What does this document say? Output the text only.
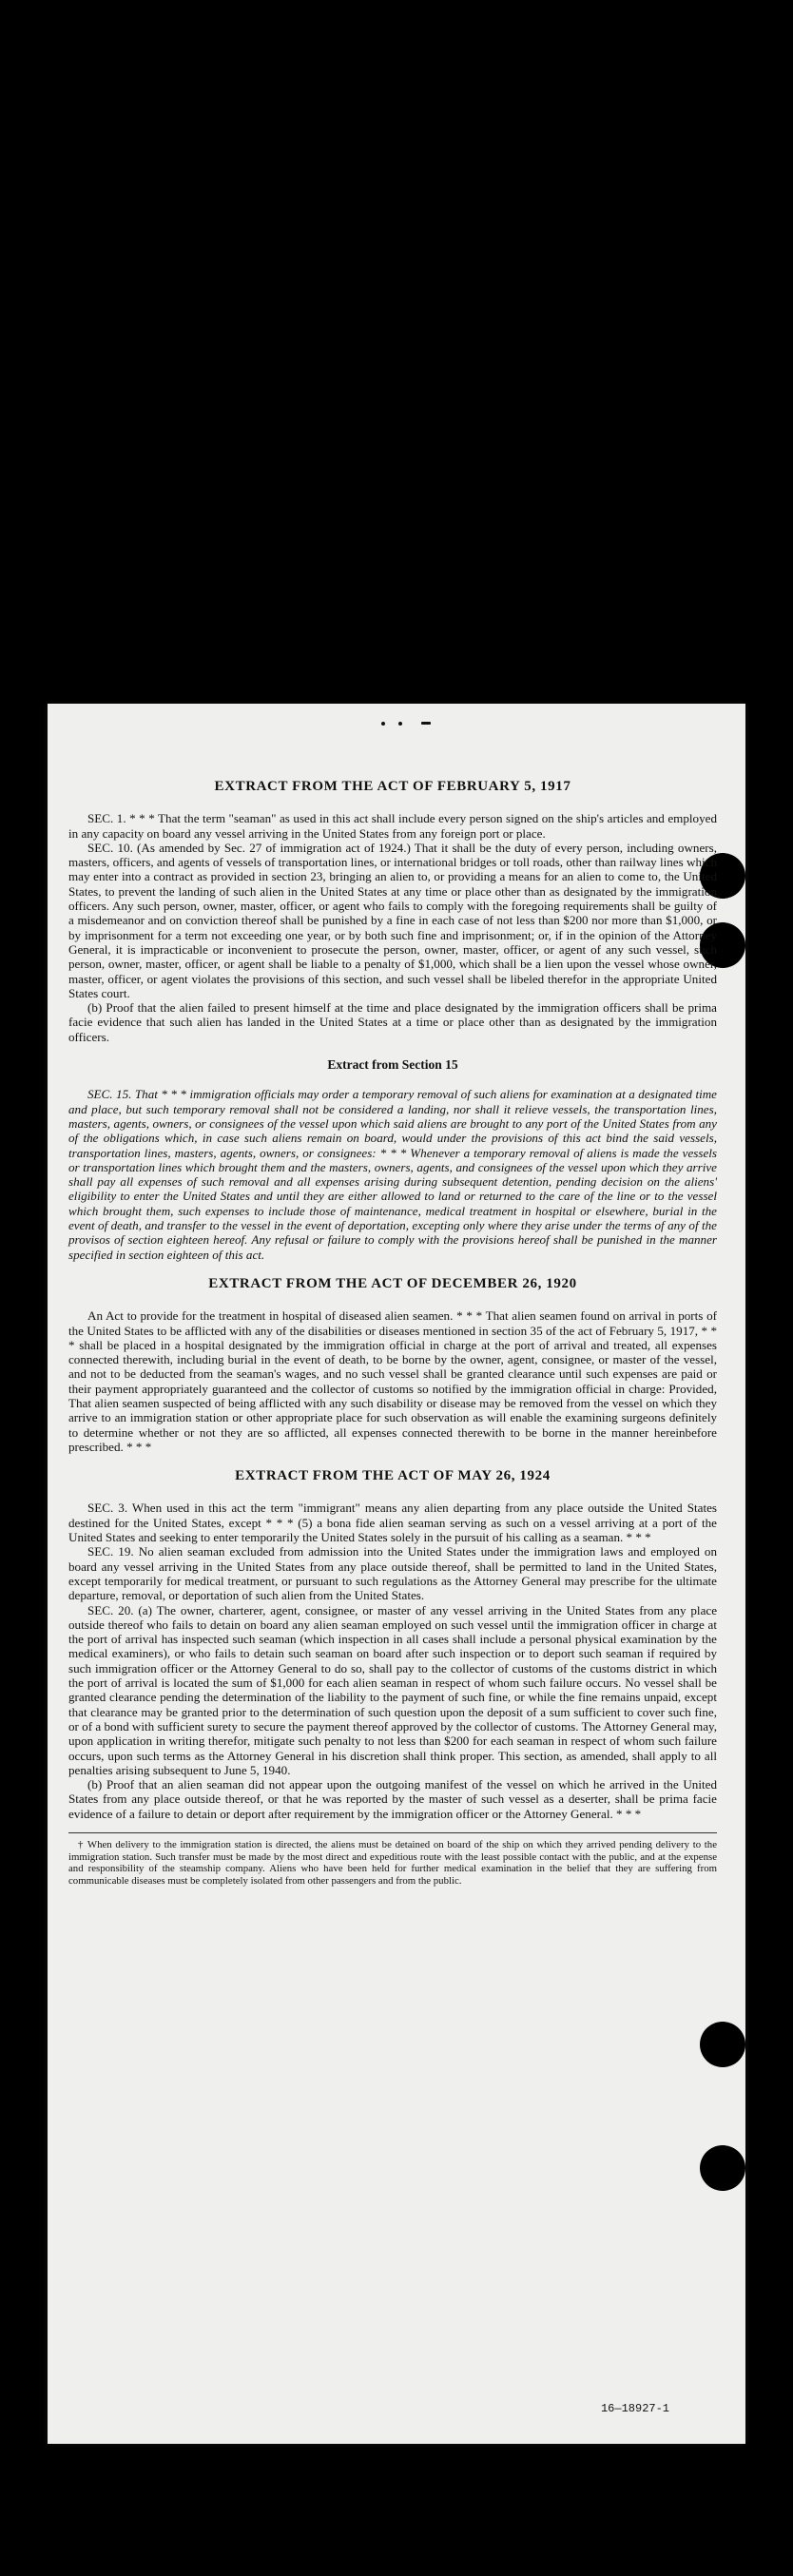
EXTRACT FROM THE ACT OF FEBRUARY 5, 1917

SEC. 1. * * * That the term "seaman" as used in this act shall include every person signed on the ship's articles and employed in any capacity on board any vessel arriving in the United States from any foreign port or place.

SEC. 10. (As amended by Sec. 27 of immigration act of 1924.) That it shall be the duty of every person, including owners, masters, officers, and agents of vessels of transportation lines, or international bridges or toll roads, other than railway lines which may enter into a contract as provided in section 23, bringing an alien to, or providing a means for an alien to come to, the United States, to prevent the landing of such alien in the United States at any time or place other than as designated by the immigration officers. Any such person, owner, master, officer, or agent who fails to comply with the foregoing requirements shall be guilty of a misdemeanor and on conviction thereof shall be punished by a fine in each case of not less than $200 nor more than $1,000, or by imprisonment for a term not exceeding one year, or by both such fine and imprisonment; or, if in the opinion of the Attorney General, it is impracticable or inconvenient to prosecute the person, owner, master, officer, or agent of any such vessel, such person, owner, master, officer, or agent shall be liable to a penalty of $1,000, which shall be a lien upon the vessel whose owner, master, officer, or agent violates the provisions of this section, and such vessel shall be libeled therefor in the appropriate United States court.

(b) Proof that the alien failed to present himself at the time and place designated by the immigration officers shall be prima facie evidence that such alien has landed in the United States at a time or place other than as designated by the immigration officers.

Extract from Section 15

SEC. 15. That * * * immigration officials may order a temporary removal of such aliens for examination at a designated time and place, but such temporary removal shall not be considered a landing, nor shall it relieve vessels, the transportation lines, masters, agents, owners, or consignees of the vessel upon which said aliens are brought to any port of the United States from any of the obligations which, in case such aliens remain on board, would under the provisions of this act bind the said vessels, transportation lines, masters, agents, owners, or consignees: * * * Whenever a temporary removal of aliens is made the vessels or transportation lines which brought them and the masters, owners, agents, and consignees of the vessel upon which they arrive shall pay all expenses of such removal and all expenses arising during subsequent detention, pending decision on the aliens' eligibility to enter the United States and until they are either allowed to land or returned to the care of the line or to the vessel which brought them, such expenses to include those of maintenance, medical treatment in hospital or elsewhere, burial in the event of death, and transfer to the vessel in the event of deportation, excepting only where they arise under the terms of any of the provisos of section eighteen hereof. Any refusal or failure to comply with the provisions hereof shall be punished in the manner specified in section eighteen of this act.

EXTRACT FROM THE ACT OF DECEMBER 26, 1920

An Act to provide for the treatment in hospital of diseased alien seamen. * * * That alien seamen found on arrival in ports of the United States to be afflicted with any of the disabilities or diseases mentioned in section 35 of the act of February 5, 1917, * * * shall be placed in a hospital designated by the immigration official in charge at the port of arrival and treated, all expenses connected therewith, including burial in the event of death, to be borne by the owner, agent, consignee, or master of the vessel, and not to be deducted from the seaman's wages, and no such vessel shall be granted clearance until such expenses are paid or their payment appropriately guaranteed and the collector of customs so notified by the immigration official in charge: Provided, That alien seamen suspected of being afflicted with any such disability or disease may be removed from the vessel on which they arrive to an immigration station or other appropriate place for such observation as will enable the examining surgeons definitely to determine whether or not they are so afflicted, all expenses connected therewith to be borne in the manner hereinbefore prescribed. * * *

EXTRACT FROM THE ACT OF MAY 26, 1924

SEC. 3. When used in this act the term "immigrant" means any alien departing from any place outside the United States destined for the United States, except * * * (5) a bona fide alien seaman serving as such on a vessel arriving at a port of the United States and seeking to enter temporarily the United States solely in the pursuit of his calling as a seaman. * * *

SEC. 19. No alien seaman excluded from admission into the United States under the immigration laws and employed on board any vessel arriving in the United States from any place outside thereof, shall be permitted to land in the United States, except temporarily for medical treatment, or pursuant to such regulations as the Attorney General may prescribe for the ultimate departure, removal, or deportation of such alien from the United States.

SEC. 20. (a) The owner, charterer, agent, consignee, or master of any vessel arriving in the United States from any place outside thereof who fails to detain on board any alien seaman employed on such vessel until the immigration officer in charge at the port of arrival has inspected such seaman (which inspection in all cases shall include a personal physical examination by the medical examiners), or who fails to detain such seaman on board after such inspection or to deport such seaman if required by such immigration officer or the Attorney General to do so, shall pay to the collector of customs of the customs district in which the port of arrival is located the sum of $1,000 for each alien seaman in respect of whom such failure occurs. No vessel shall be granted clearance pending the determination of the liability to the payment of such fine, or while the fine remains unpaid, except that clearance may be granted prior to the determination of such question upon the deposit of a sum sufficient to cover such fine, or of a bond with sufficient surety to secure the payment thereof approved by the collector of customs. The Attorney General may, upon application in writing therefor, mitigate such penalty to not less than $200 for each seaman in respect of whom such failure occurs, upon such terms as the Attorney General in his discretion shall think proper. This section, as amended, shall apply to all penalties arising subsequent to June 5, 1940.

(b) Proof that an alien seaman did not appear upon the outgoing manifest of the vessel on which he arrived in the United States from any place outside thereof, or that he was reported by the master of such vessel as a deserter, shall be prima facie evidence of a failure to detain or deport after requirement by the immigration officer or the Attorney General. * * *

† When delivery to the immigration station is directed, the aliens must be detained on board of the ship on which they arrived pending delivery to the immigration station. Such transfer must be made by the most direct and expeditious route with the least possible contact with the public, and at the expense and responsibility of the steamship company. Aliens who have been held for further medical examination in the belief that they are suffering from communicable diseases must be completely isolated from other passengers and from the public.
16—18927-1
